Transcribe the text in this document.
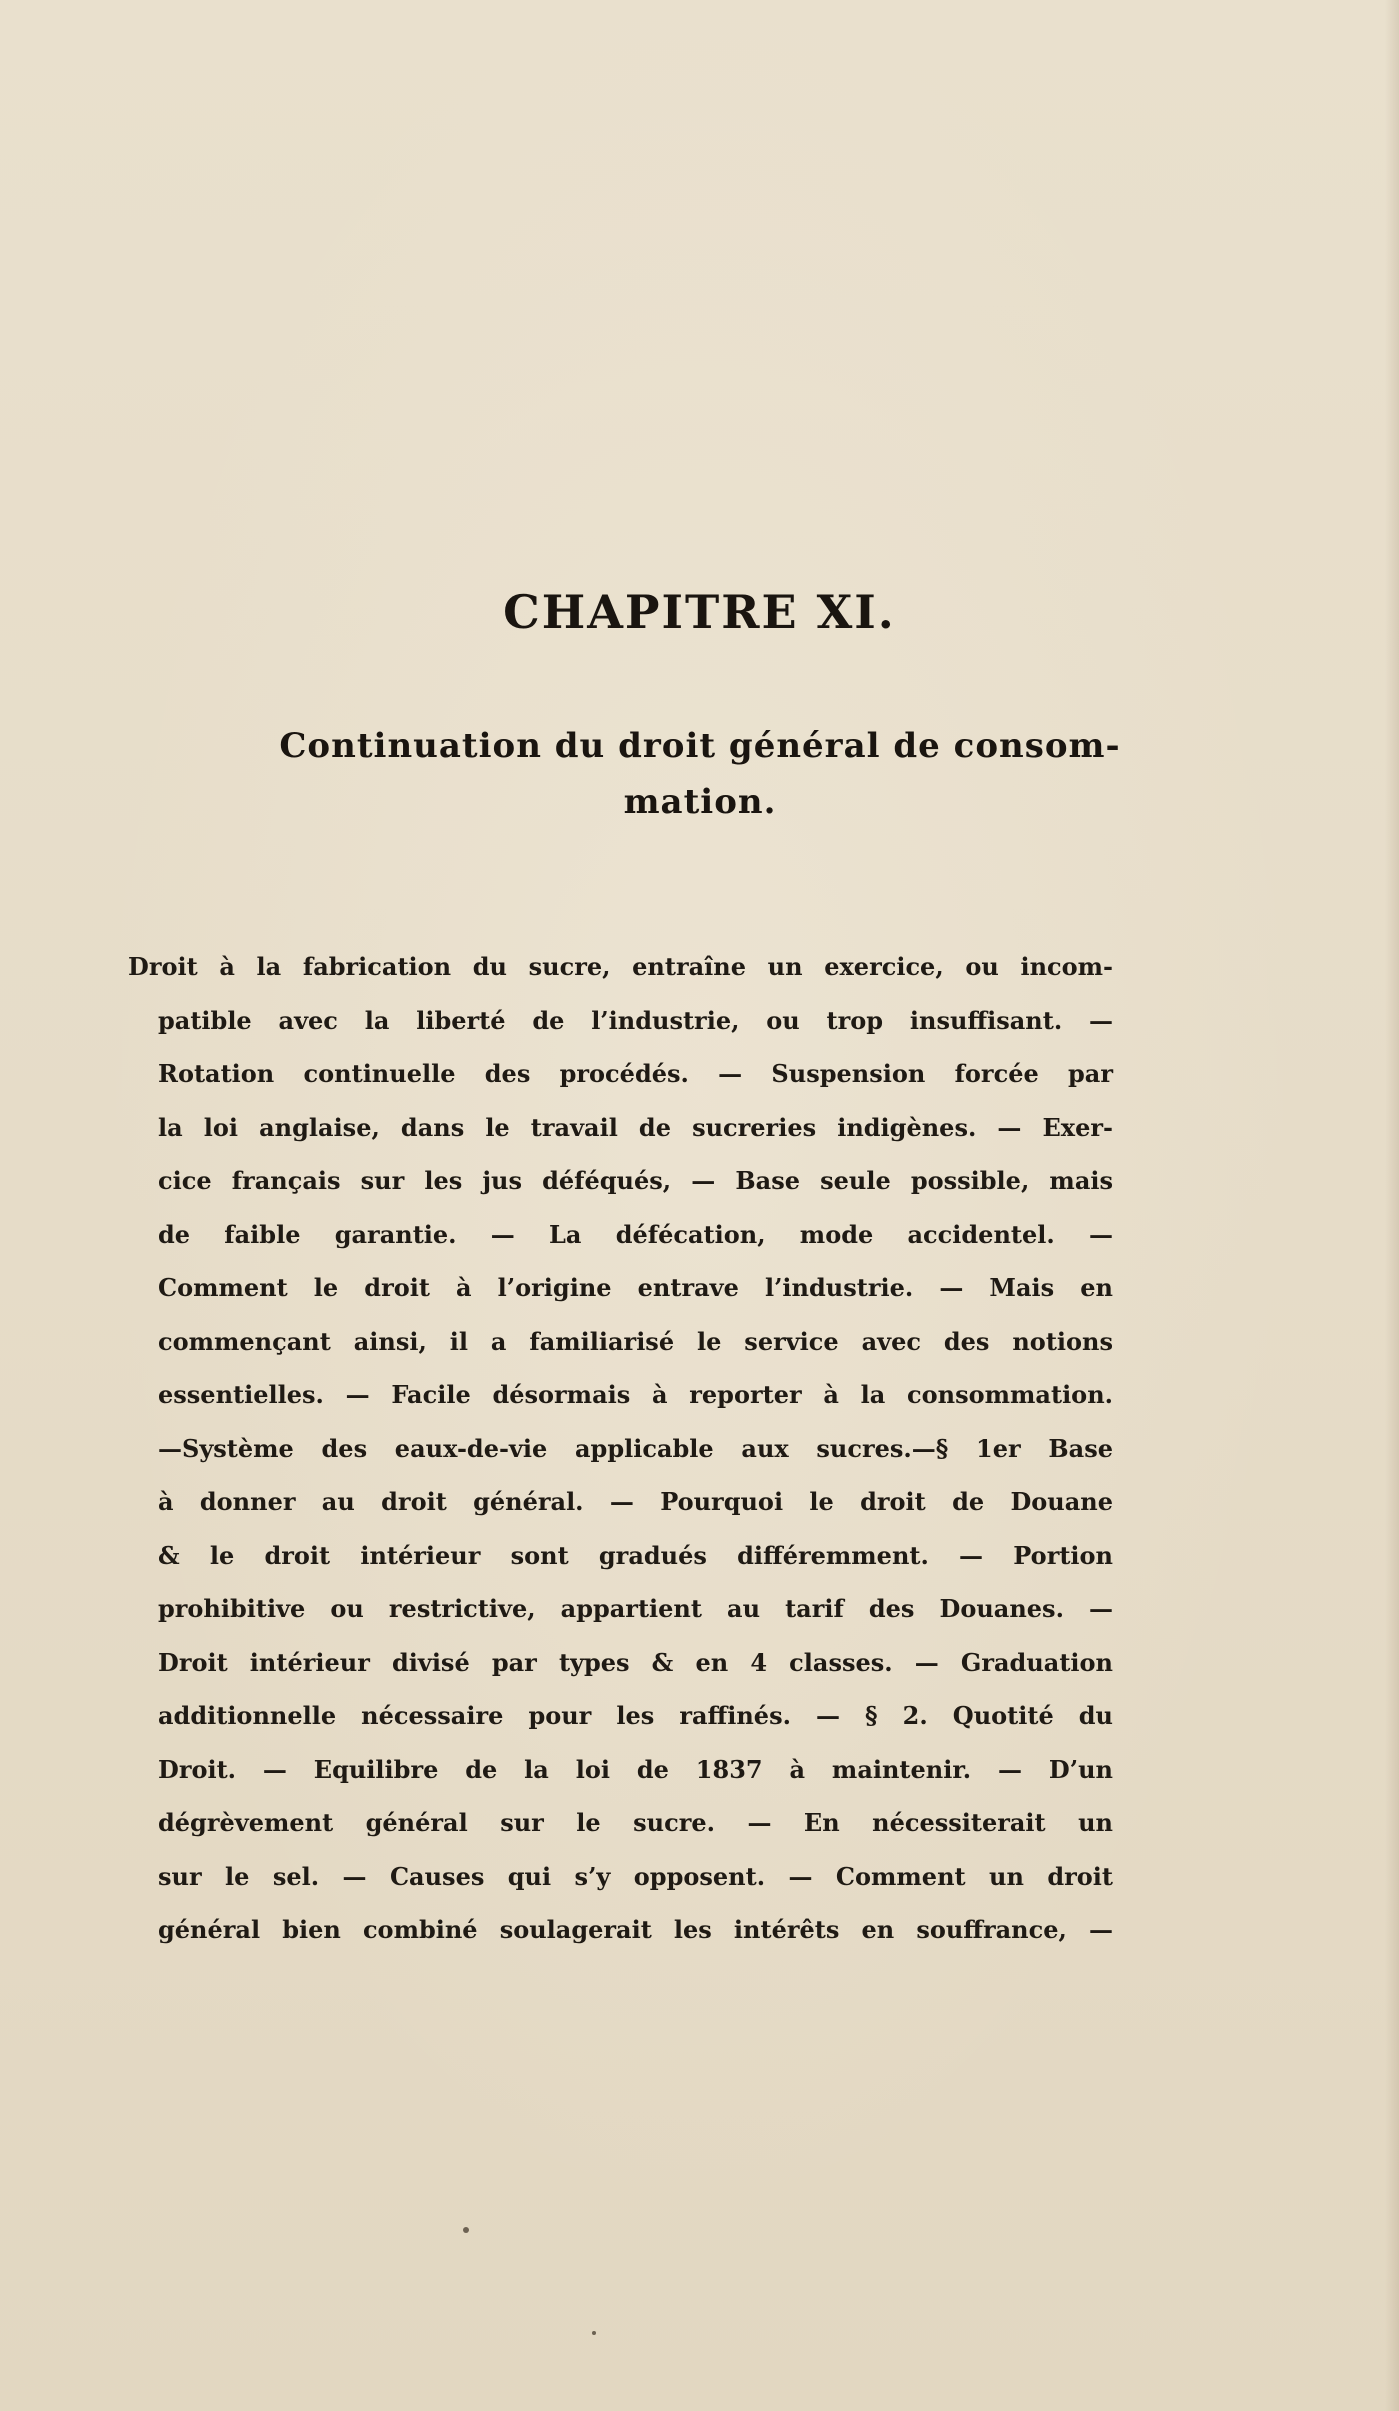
CHAPITRE XI.
Continuation du droit général de consom-
mation.
Droit à la fabrication du sucre, entraîne un exercice, ou incom-
patible avec la liberté de l’industrie, ou trop insuffisant. —
Rotation continuelle des procédés. — Suspension forcée par
la loi anglaise, dans le travail de sucreries indigènes. — Exer-
cice français sur les jus déféqués, — Base seule possible, mais
de faible garantie. — La défécation, mode accidentel. —
Comment le droit à l’origine entrave l’industrie. — Mais en
commençant ainsi, il a familiarisé le service avec des notions
essentielles. — Facile désormais à reporter à la consommation.
—Système des eaux-de-vie applicable aux sucres.—§ 1er Base
à donner au droit général. — Pourquoi le droit de Douane
& le droit intérieur sont gradués différemment. — Portion
prohibitive ou restrictive, appartient au tarif des Douanes. —
Droit intérieur divisé par types & en 4 classes. — Graduation
additionnelle nécessaire pour les raffinés. — § 2. Quotité du
Droit. — Equilibre de la loi de 1837 à maintenir. — D’un
dégrèvement général sur le sucre. — En nécessiterait un
sur le sel. — Causes qui s’y opposent. — Comment un droit
général bien combiné soulagerait les intérêts en souffrance, —
